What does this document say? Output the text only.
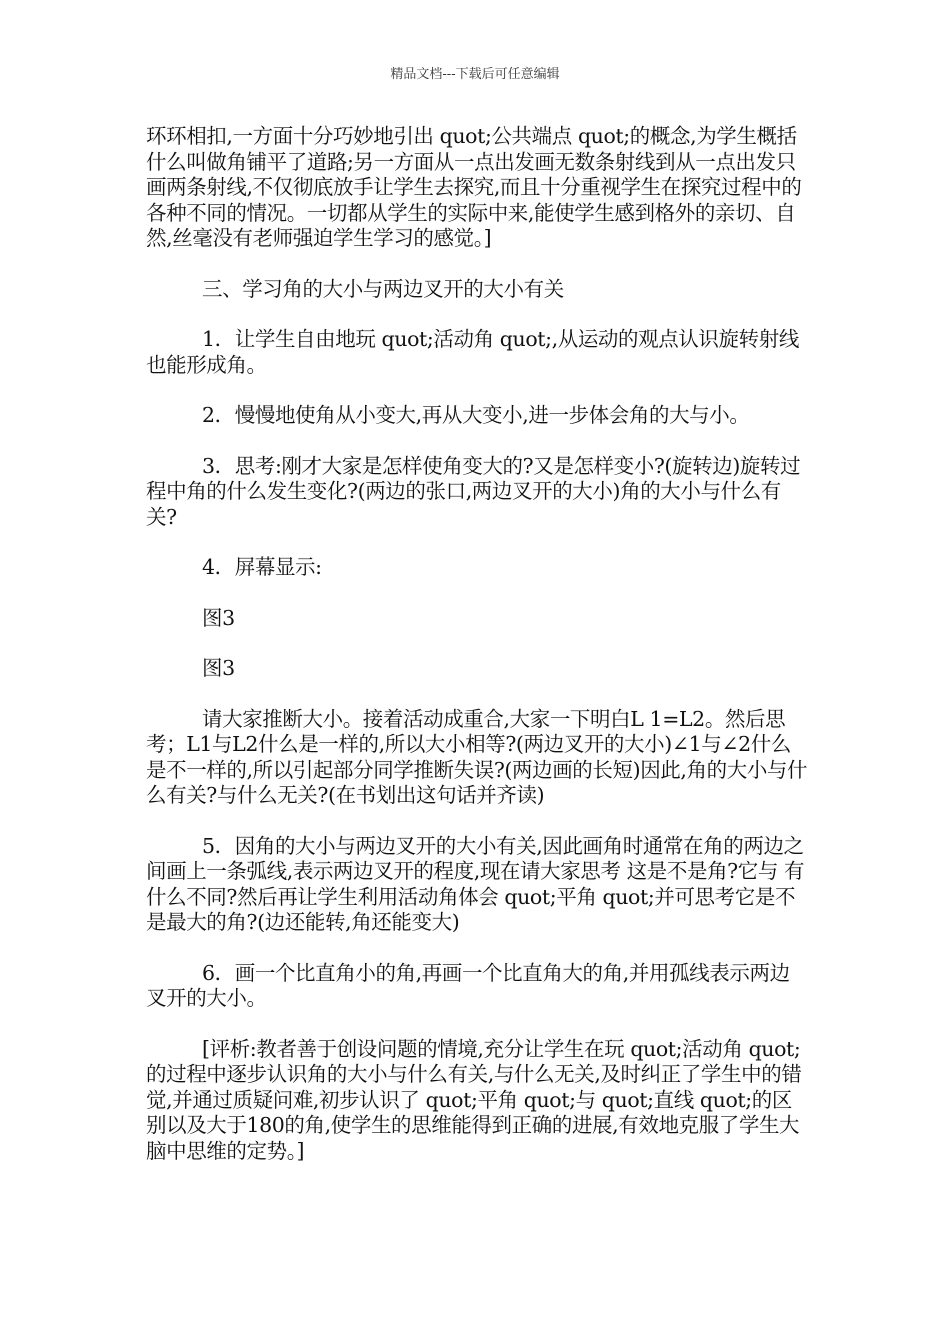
精品文档---下载后可任意编辑

环环相扣,一方面十分巧妙地引出 quot;公共端点 quot;的概念,为学生概括什么叫做角铺平了道路;另一方面从一点出发画无数条射线到从一点出发只画两条射线,不仅彻底放手让学生去探究,而且十分重视学生在探究过程中的各种不同的情况。一切都从学生的实际中来,能使学生感到格外的亲切、自然,丝毫没有老师强迫学生学习的感觉。]

三、学习角的大小与两边叉开的大小有关

1．让学生自由地玩 quot;活动角 quot;,从运动的观点认识旋转射线也能形成角。

2．慢慢地使角从小变大,再从大变小,进一步体会角的大与小。

3．思考:刚才大家是怎样使角变大的?又是怎样变小?(旋转边)旋转过程中角的什么发生变化?(两边的张口,两边叉开的大小)角的大小与什么有关?

4．屏幕显示:

图3

图3

请大家推断大小。接着活动成重合,大家一下明白L 1=L2。然后思考；L1与L2什么是一样的,所以大小相等?(两边叉开的大小)∠1与∠2什么是不一样的,所以引起部分同学推断失误?(两边画的长短)因此,角的大小与什么有关?与什么无关?(在书划出这句话并齐读)

5．因角的大小与两边叉开的大小有关,因此画角时通常在角的两边之间画上一条弧线,表示两边叉开的程度,现在请大家思考 这是不是角?它与 有什么不同?然后再让学生利用活动角体会 quot;平角 quot;并可思考它是不是最大的角?(边还能转,角还能变大)

6．画一个比直角小的角,再画一个比直角大的角,并用孤线表示两边叉开的大小。

[评析:教者善于创设问题的情境,充分让学生在玩 quot;活动角 quot;的过程中逐步认识角的大小与什么有关,与什么无关,及时纠正了学生中的错觉,并通过质疑问难,初步认识了 quot;平角 quot;与 quot;直线 quot;的区别以及大于180的角,使学生的思维能得到正确的进展,有效地克服了学生大脑中思维的定势。]
